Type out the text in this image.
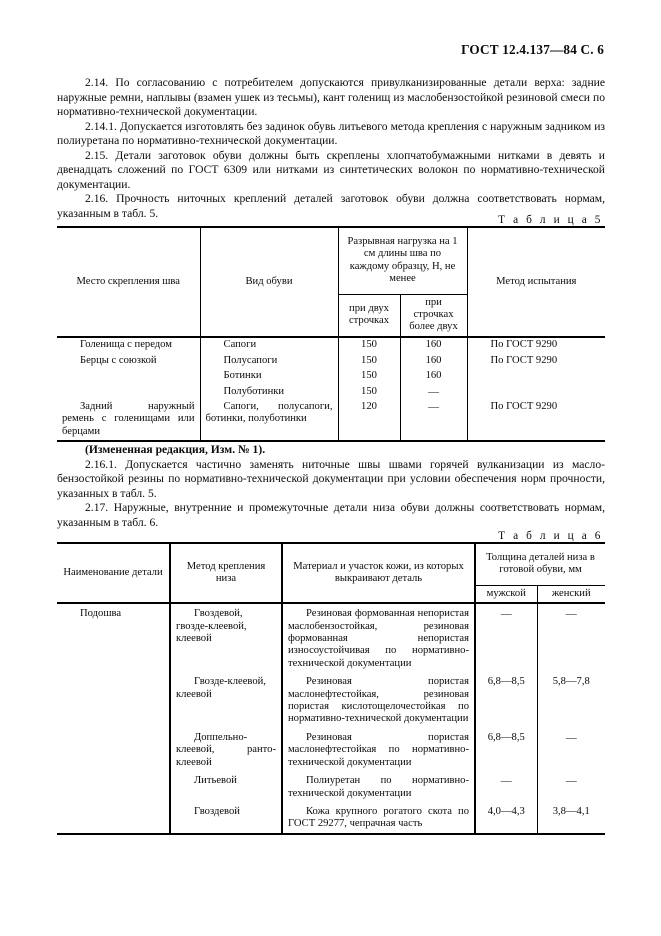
ГОСТ 12.4.137—84 С. 6

2.14. По согласованию с потребителем допускаются привулканизированные детали верха: задние наружные ремни, наплывы (взамен ушек из тесьмы), кант голенищ из маслобензостойкой резиновой смеси по нормативно-технической документации.

2.14.1. Допускается изготовлять без задинок обувь литьевого метода крепления с наружным задником из полиуретана по нормативно-технической документации.

2.15. Детали заготовок обуви должны быть скреплены хлопчатобумажными нитками в девять и двенадцать сложений по ГОСТ 6309 или нитками из синтетических волокон по нормативно-технической документации.

2.16. Прочность ниточных креплений деталей заготовок обуви должна соответствовать нормам, указанным в табл. 5.

Т а б л и ц а 5

Место скрепления шва	Вид обуви	Разрывная нагрузка на 1 см длины шва по каждому образцу, Н, не менее		Метод испытания
		при двух строчках	при строчках более двух	
Голенища с передом	Сапоги	150	160	По ГОСТ 9290
Берцы с союзкой	Полусапоги	150	160	По ГОСТ 9290
	Ботинки	150	160	
	Полуботинки	150	—	
Задний наружный ремень с голенищами или берцами	Сапоги, полусапоги, ботинки, полуботинки	120	—	По ГОСТ 9290

(Измененная редакция, Изм. № 1).

2.16.1. Допускается частично заменять ниточные швы швами горячей вулканизации из масло-бензостойкой резины по нормативно-технической документации при условии обеспечения норм прочности, указанных в табл. 5.

2.17. Наружные, внутренние и промежуточные детали низа обуви должны соответствовать нормам, указанным в табл. 6.

Т а б л и ц а 6

Наименование детали	Метод крепления низа	Материал и участок кожи, из которых выкраивают деталь	Толщина деталей низа в готовой обуви, мм	
			мужской	женский
Подошва	Гвоздевой, гвозде-клеевой, клеевой	Резиновая формованная непористая маслобензостойкая, резиновая формованная непористая износоустойчивая по нормативно-технической документации	—	—
	Гвозде-клеевой, клеевой	Резиновая пористая маслонефтестойкая, резиновая пористая кислотощелочестойкая по нормативно-технической документации	6,8—8,5	5,8—7,8
	Доппельно-клеевой, ранто-клеевой	Резиновая пористая маслонефтестойкая по нормативно-технической документации	6,8—8,5	—
	Литьевой	Полиуретан по нормативно-технической документации	—	—
	Гвоздевой	Кожа крупного рогатого скота по ГОСТ 29277, чепрачная часть	4,0—4,3	3,8—4,1
